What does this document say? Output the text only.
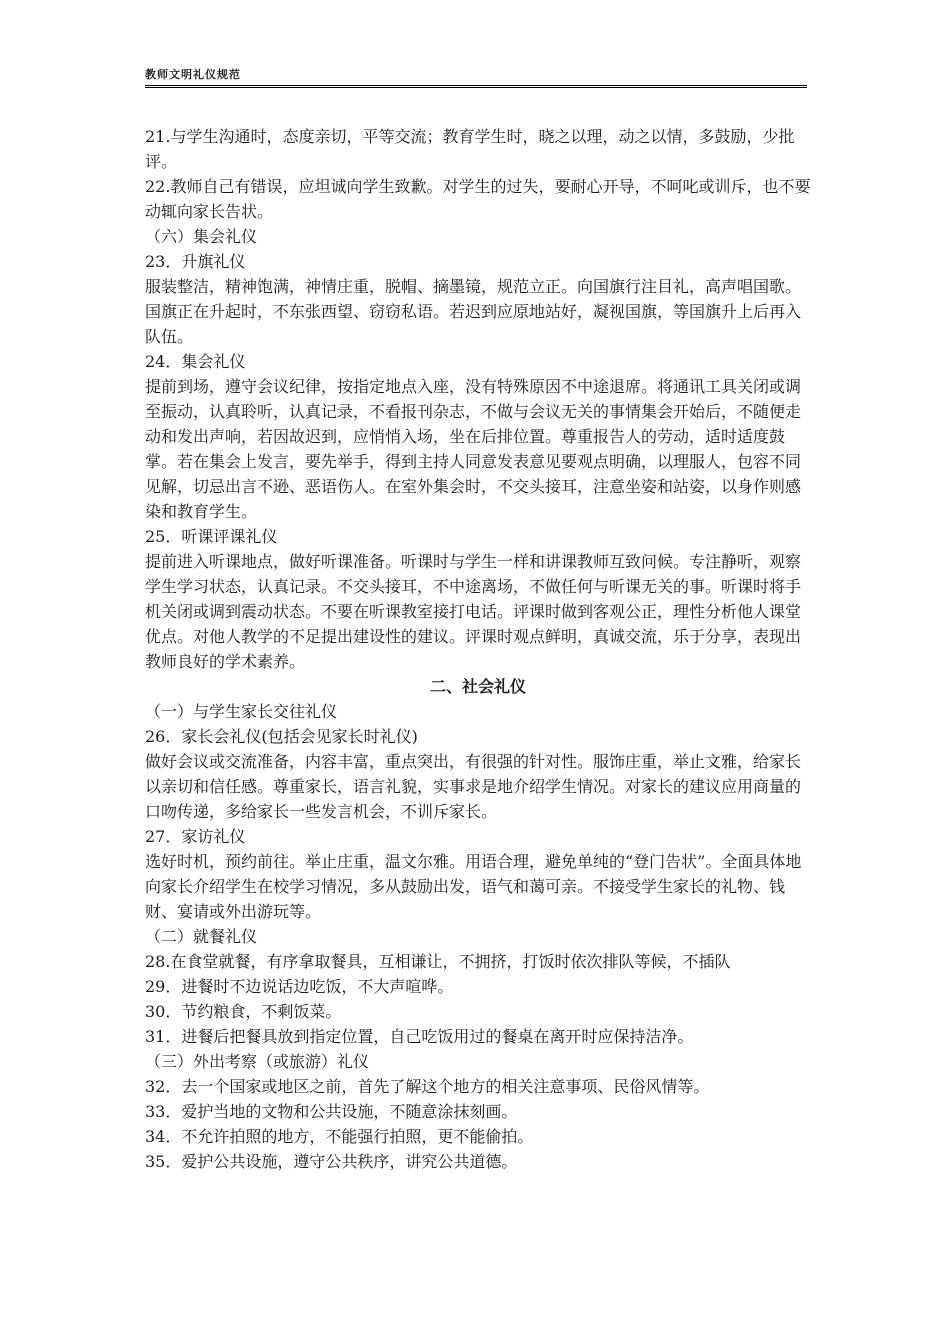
教师文明礼仪规范

21.与学生沟通时，态度亲切，平等交流；教育学生时，晓之以理，动之以情，多鼓励，少批评。

22.教师自己有错误，应坦诚向学生致歉。对学生的过失，要耐心开导，不呵叱或训斥，也不要动辄向家长告状。

（六）集会礼仪

23．升旗礼仪

服装整洁，精神饱满，神情庄重，脱帽、摘墨镜，规范立正。向国旗行注目礼，高声唱国歌。国旗正在升起时，不东张西望、窃窃私语。若迟到应原地站好，凝视国旗，等国旗升上后再入队伍。

24．集会礼仪

提前到场，遵守会议纪律，按指定地点入座，没有特殊原因不中途退席。将通讯工具关闭或调至振动，认真聆听，认真记录，不看报刊杂志，不做与会议无关的事情集会开始后，不随便走动和发出声响，若因故迟到，应悄悄入场，坐在后排位置。尊重报告人的劳动，适时适度鼓掌。若在集会上发言，要先举手，得到主持人同意发表意见要观点明确，以理服人，包容不同见解，切忌出言不逊、恶语伤人。在室外集会时，不交头接耳，注意坐姿和站姿，以身作则感染和教育学生。

25．听课评课礼仪

提前进入听课地点，做好听课准备。听课时与学生一样和讲课教师互致问候。专注静听，观察学生学习状态，认真记录。不交头接耳，不中途离场，不做任何与听课无关的事。听课时将手机关闭或调到震动状态。不要在听课教室接打电话。评课时做到客观公正，理性分析他人课堂优点。对他人教学的不足提出建设性的建议。评课时观点鲜明，真诚交流，乐于分享，表现出教师良好的学术素养。

二、社会礼仪

（一）与学生家长交往礼仪

26．家长会礼仪(包括会见家长时礼仪)

做好会议或交流准备，内容丰富，重点突出，有很强的针对性。服饰庄重，举止文雅，给家长以亲切和信任感。尊重家长，语言礼貌，实事求是地介绍学生情况。对家长的建议应用商量的口吻传递，多给家长一些发言机会，不训斥家长。

27．家访礼仪

选好时机，预约前往。举止庄重，温文尔雅。用语合理，避免单纯的“登门告状”。全面具体地向家长介绍学生在校学习情况，多从鼓励出发，语气和蔼可亲。不接受学生家长的礼物、钱财、宴请或外出游玩等。

（二）就餐礼仪

28.在食堂就餐，有序拿取餐具，互相谦让，不拥挤，打饭时依次排队等候，不插队

29．进餐时不边说话边吃饭，不大声喧哗。

30．节约粮食，不剩饭菜。

31．进餐后把餐具放到指定位置，自己吃饭用过的餐桌在离开时应保持洁净。

（三）外出考察（或旅游）礼仪

32．去一个国家或地区之前，首先了解这个地方的相关注意事项、民俗风情等。

33．爱护当地的文物和公共设施，不随意涂抹刻画。

34．不允许拍照的地方，不能强行拍照，更不能偷拍。

35．爱护公共设施，遵守公共秩序，讲究公共道德。
